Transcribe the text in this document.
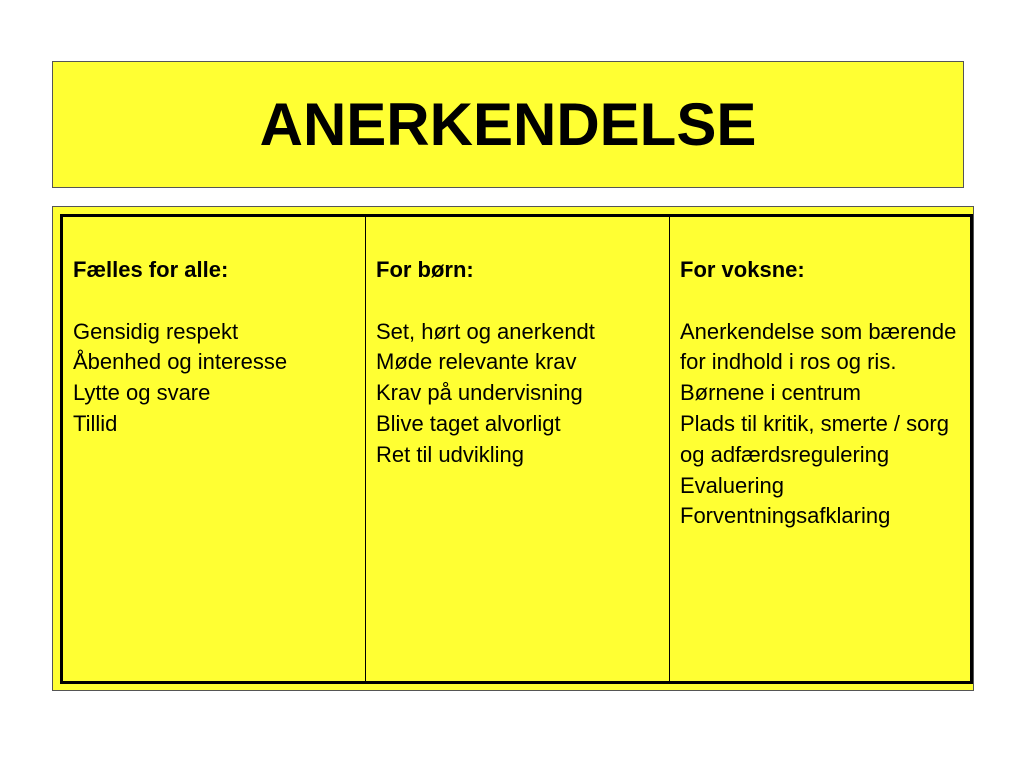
ANERKENDELSE
Fælles for alle:
Gensidig respekt
Åbenhed og interesse
Lytte og svare
Tillid
For børn:
Set, hørt og anerkendt
Møde relevante krav
Krav på undervisning
Blive taget alvorligt
Ret til udvikling
For voksne:
Anerkendelse som bærende for indhold i ros og ris.
Børnene i centrum
Plads til kritik, smerte / sorg og adfærdsregulering
Evaluering
Forventningsafklaring
